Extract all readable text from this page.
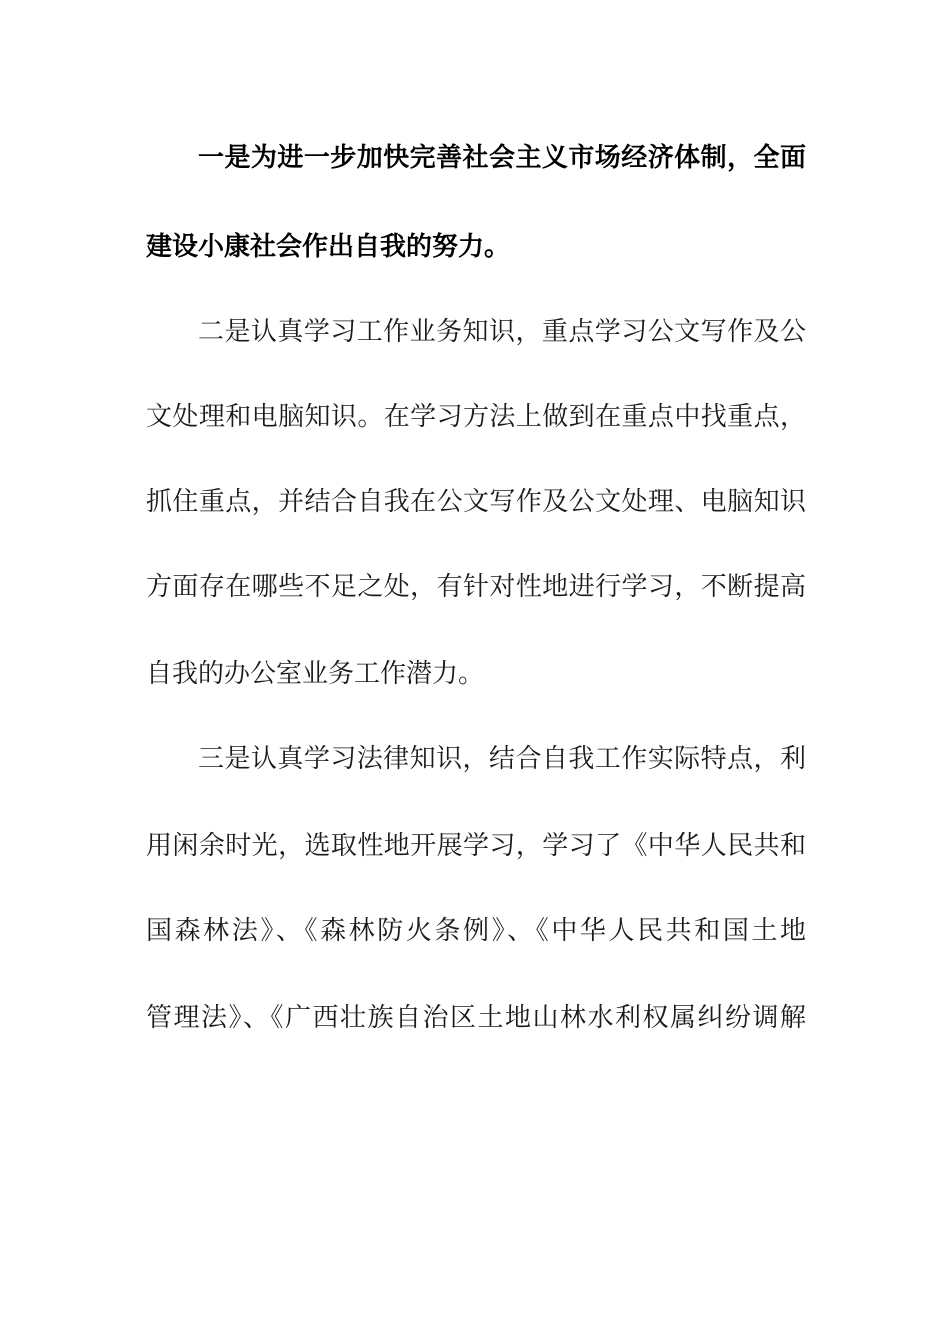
一是为进一步加快完善社会主义市场经济体制，全面
建设小康社会作出自我的努力。
二是认真学习工作业务知识，重点学习公文写作及公
文处理和电脑知识。在学习方法上做到在重点中找重点，
抓住重点，并结合自我在公文写作及公文处理、电脑知识
方面存在哪些不足之处，有针对性地进行学习，不断提高
自我的办公室业务工作潜力。
三是认真学习法律知识，结合自我工作实际特点，利
用闲余时光，选取性地开展学习，学习了《中华人民共和
国森林法》、《森林防火条例》、《中华人民共和国土地
管理法》、《广西壮族自治区土地山林水利权属纠纷调解
